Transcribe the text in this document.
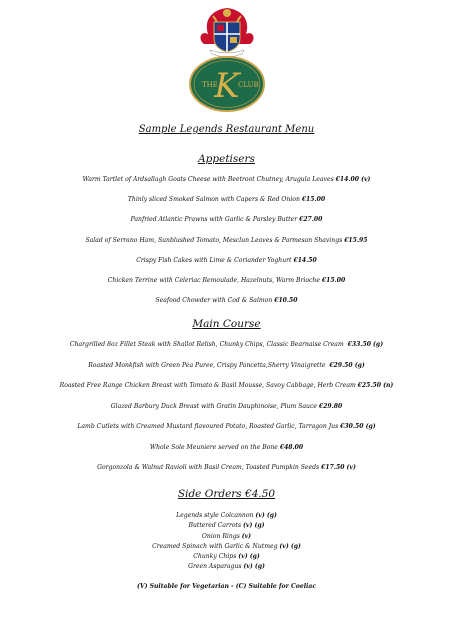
THE
K
CLUB
Sample Legends Restaurant Menu
Appetisers
Warm Tartlet of Ardsallagh Goats Cheese with Beetroot Chutney, Arugula Leaves €14.00 (v)
Thinly sliced Smoked Salmon with Capers & Red Onion €15.00
Panfried Atlantic Prawns with Garlic & Parsley Butter €27.00
Salad of Serrano Ham, Sunblushed Tomato, Mesclun Leaves & Parmesan Shavings €15.95
Crispy Fish Cakes with Lime & Coriander Yoghurt €14.50
Chicken Terrine with Celeriac Remoulade, Hazelnuts, Warm Brioche €15.00
Seafood Chowder with Cod & Salmon €10.50
Main Course
Chargrilled 8oz Fillet Steak with Shallot Relish, Chunky Chips, Classic Bearnaise Cream €33.50 (g)
Roasted Monkfish with Green Pea Puree, Crispy Pancetta,Sherry Vinaigrette €29.50 (g)
Roasted Free Range Chicken Breast with Tomato & Basil Mousse, Savoy Cabbage, Herb Cream €25.50 (n)
Glazed Barbury Duck Breast with Gratin Dauphinoise, Plum Sauce €29.80
Lamb Cutlets with Creamed Mustard flavoured Potato, Roasted Garlic, Tarragon Jus €30.50 (g)
Whole Sole Meuniere served on the Bone €48.00
Gorgonzola & Walnut Ravioli with Basil Cream, Toasted Pumpkin Seeds €17.50 (v)
Side Orders €4.50
Legends style Colcannon (v) (g)
Buttered Carrots (v) (g)
Onion Rings (v)
Creamed Spinach with Garlic & Nutmeg (v) (g)
Chunky Chips (v) (g)
Green Asparagus (v) (g)
(V) Suitable for Vegetarian - (C) Suitable for Coeliac
